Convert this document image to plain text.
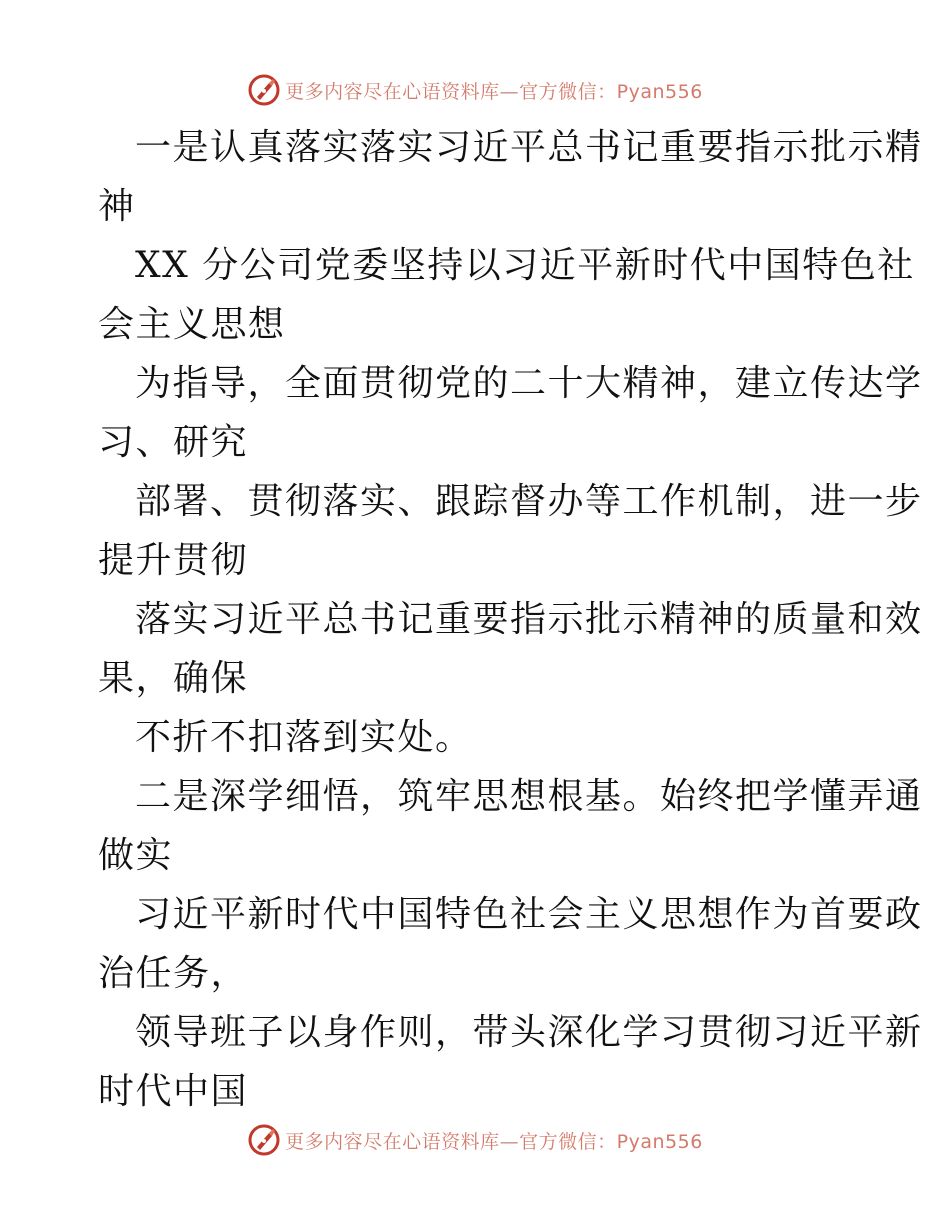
更多内容尽在心语资料库—官方微信：Pyan556
一是认真落实落实习近平总书记重要指示批示精
神
XX 分公司党委坚持以习近平新时代中国特色社
会主义思想
为指导，全面贯彻党的二十大精神，建立传达学
习、研究
部署、贯彻落实、跟踪督办等工作机制，进一步
提升贯彻
落实习近平总书记重要指示批示精神的质量和效
果，确保
不折不扣落到实处。
二是深学细悟，筑牢思想根基。始终把学懂弄通
做实
习近平新时代中国特色社会主义思想作为首要政
治任务，
领导班子以身作则，带头深化学习贯彻习近平新
时代中国
更多内容尽在心语资料库—官方微信：Pyan556
